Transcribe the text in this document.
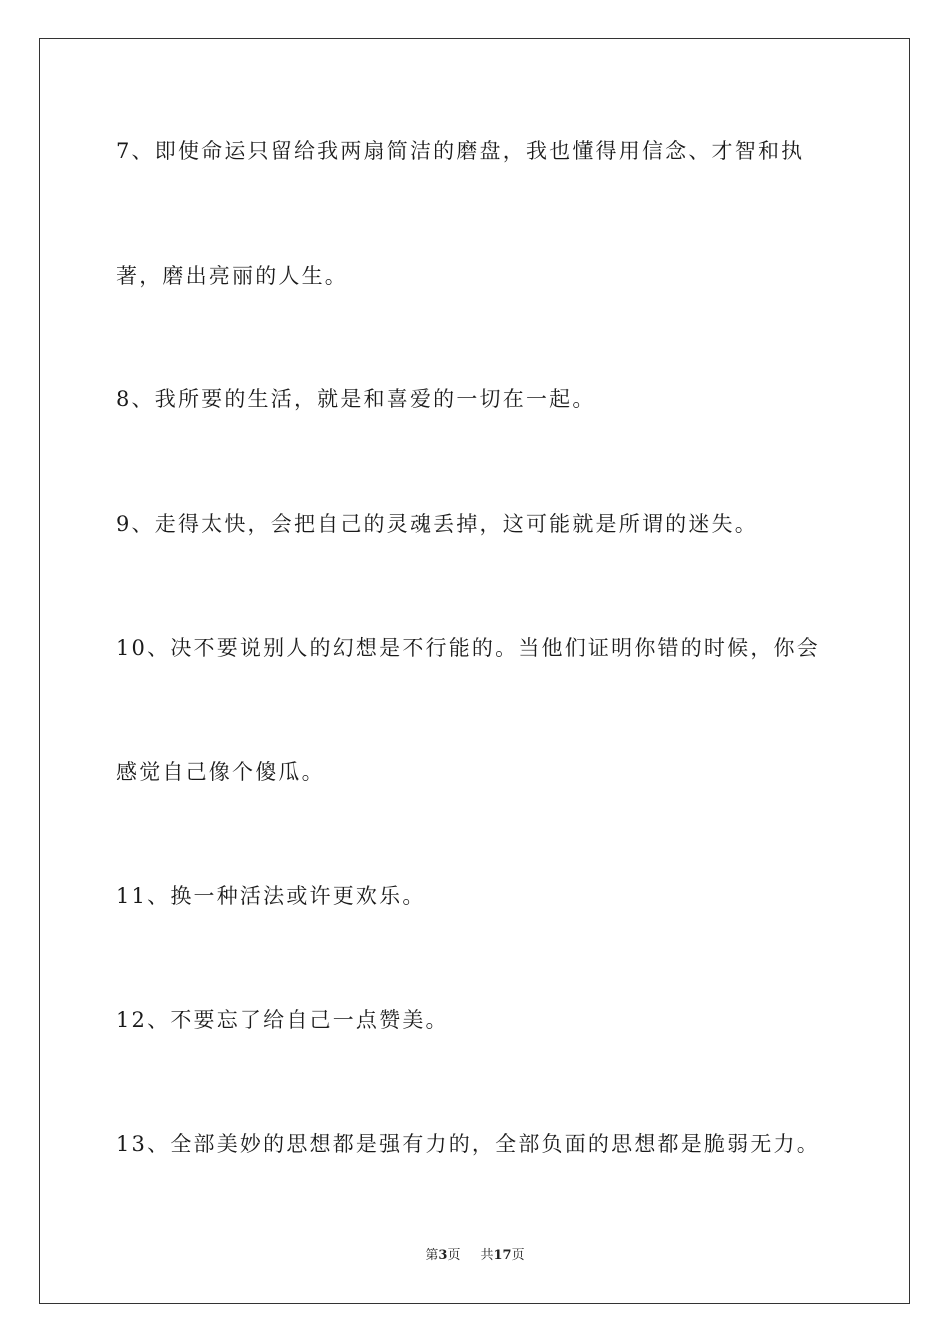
7、即使命运只留给我两扇简洁的磨盘，我也懂得用信念、才智和执
著，磨出亮丽的人生。
8、我所要的生活，就是和喜爱的一切在一起。
9、走得太快，会把自己的灵魂丢掉，这可能就是所谓的迷失。
10、决不要说别人的幻想是不行能的。当他们证明你错的时候，你会
感觉自己像个傻瓜。
11、换一种活法或许更欢乐。
12、不要忘了给自己一点赞美。
13、全部美妙的思想都是强有力的，全部负面的思想都是脆弱无力。
第3页 共17页
